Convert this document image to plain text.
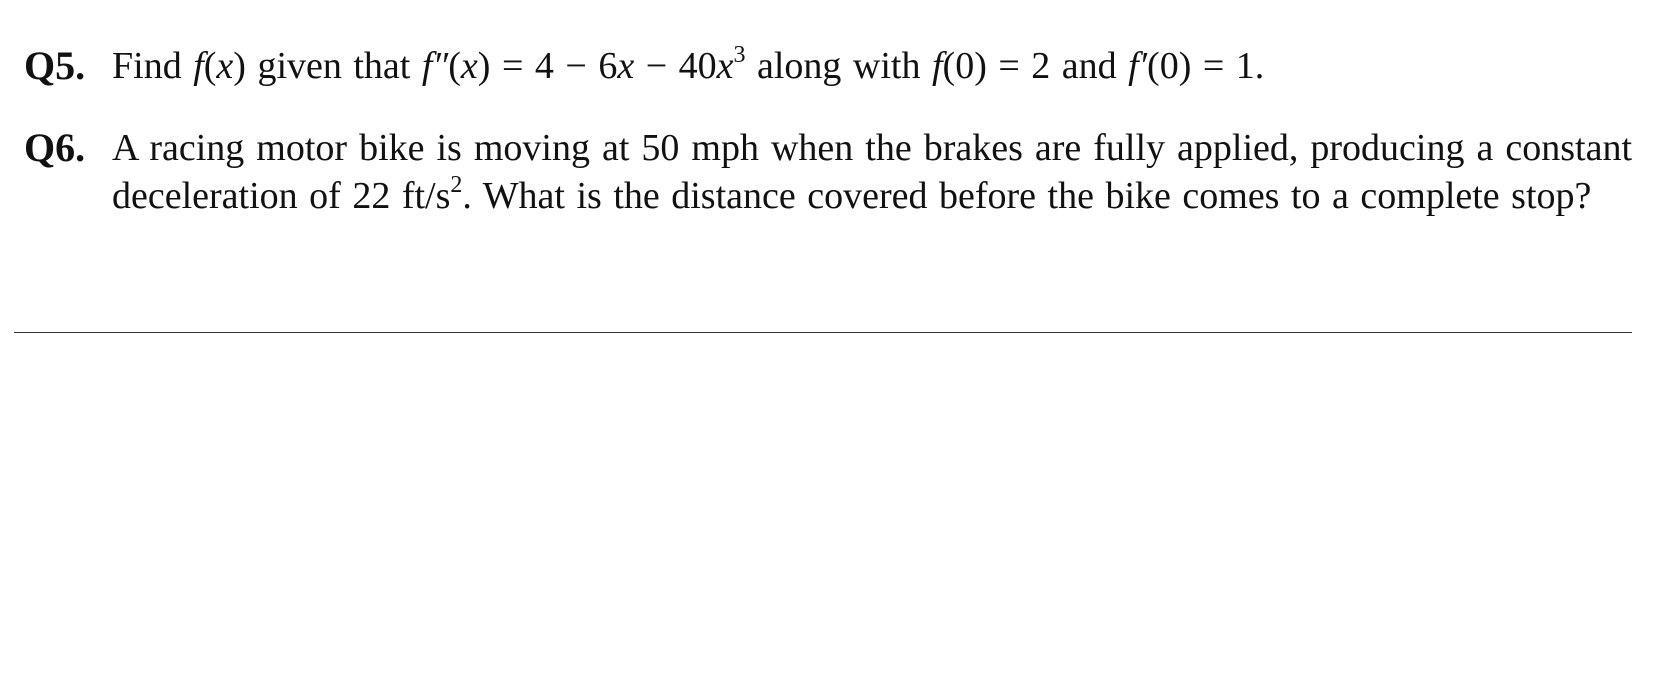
Q5. Find f(x) given that $f''(x) = 4 - 6x - 40x^3$ along with f(0) = 2 and f′(0) = 1.
Q6. A racing motor bike is moving at 50 mph when the brakes are fully applied, producing a constant deceleration of 22 $ft/s^2$. What is the distance covered before the bike comes to a complete stop?
